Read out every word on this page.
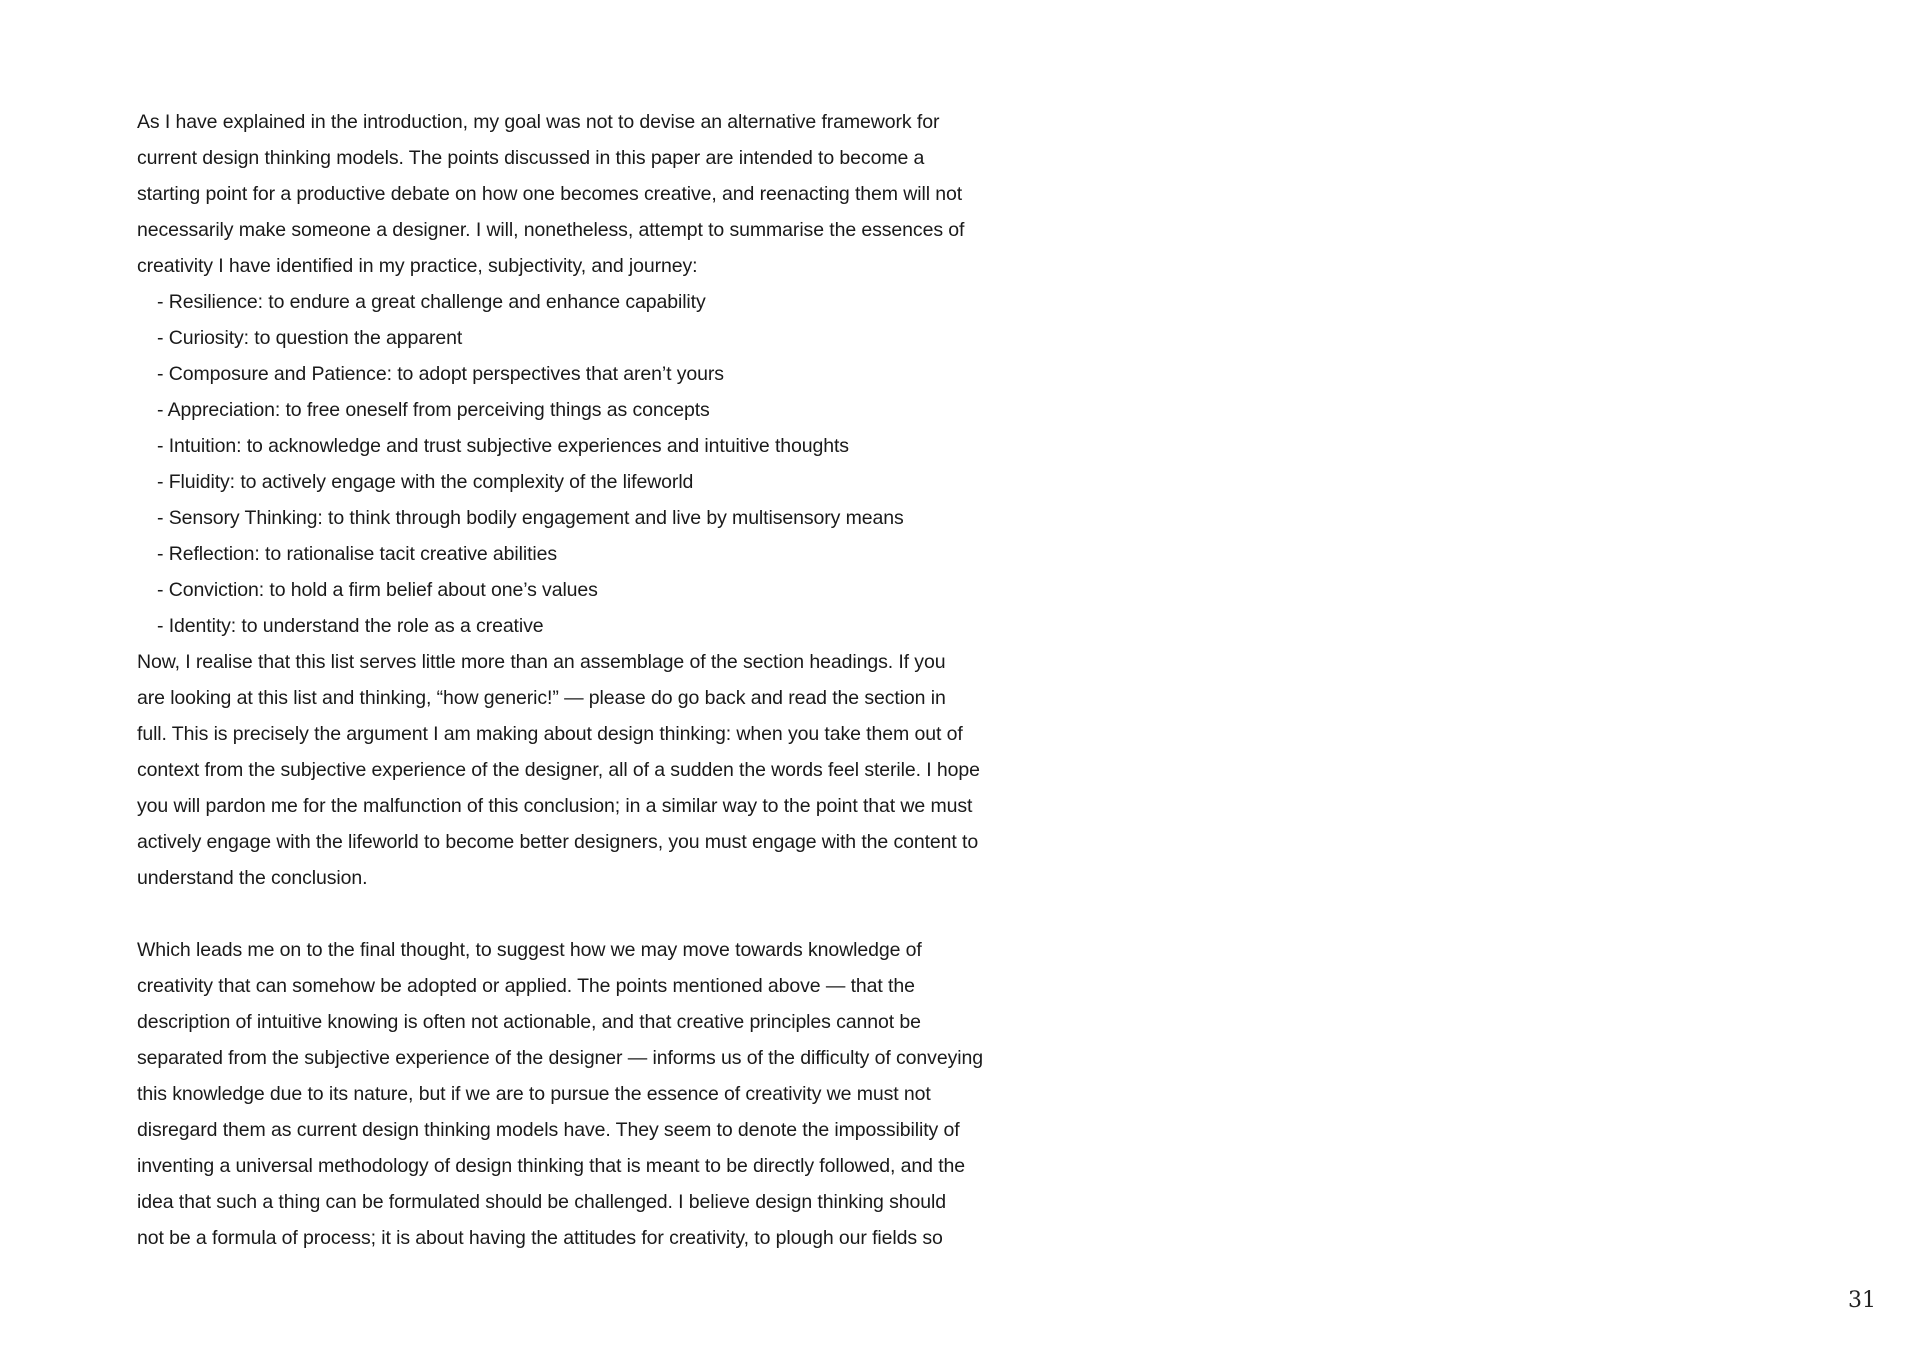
As I have explained in the introduction, my goal was not to devise an alternative framework for
current design thinking models. The points discussed in this paper are intended to become a
starting point for a productive debate on how one becomes creative, and reenacting them will not
necessarily make someone a designer. I will, nonetheless, attempt to summarise the essences of
creativity I have identified in my practice, subjectivity, and journey:
- Resilience: to endure a great challenge and enhance capability
- Curiosity: to question the apparent
- Composure and Patience: to adopt perspectives that aren’t yours
- Appreciation: to free oneself from perceiving things as concepts
- Intuition: to acknowledge and trust subjective experiences and intuitive thoughts
- Fluidity: to actively engage with the complexity of the lifeworld
- Sensory Thinking: to think through bodily engagement and live by multisensory means
- Reflection: to rationalise tacit creative abilities
- Conviction: to hold a firm belief about one’s values
- Identity: to understand the role as a creative
Now, I realise that this list serves little more than an assemblage of the section headings. If you
are looking at this list and thinking, “how generic!” — please do go back and read the section in
full. This is precisely the argument I am making about design thinking: when you take them out of
context from the subjective experience of the designer, all of a sudden the words feel sterile. I hope
you will pardon me for the malfunction of this conclusion; in a similar way to the point that we must
actively engage with the lifeworld to become better designers, you must engage with the content to
understand the conclusion.
Which leads me on to the final thought, to suggest how we may move towards knowledge of
creativity that can somehow be adopted or applied. The points mentioned above — that the
description of intuitive knowing is often not actionable, and that creative principles cannot be
separated from the subjective experience of the designer — informs us of the difficulty of conveying
this knowledge due to its nature, but if we are to pursue the essence of creativity we must not
disregard them as current design thinking models have. They seem to denote the impossibility of
inventing a universal methodology of design thinking that is meant to be directly followed, and the
idea that such a thing can be formulated should be challenged. I believe design thinking should
not be a formula of process; it is about having the attitudes for creativity, to plough our fields so
31
